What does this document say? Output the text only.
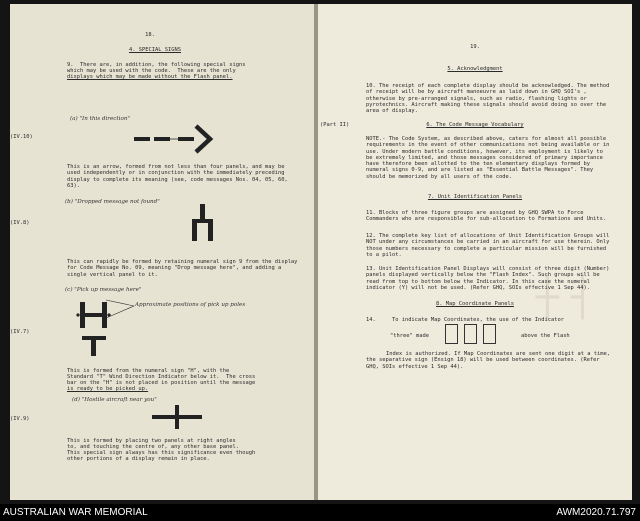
18.
4. SPECIAL SIGNS
9.  There are, in addition, the following special signs
which may be used with the code.  These are the only
displays which may be made without the Flash panel.
(a) "In this direction"
(IV.10)
This is an arrow, formed from not less than four panels, and may be used independently or in conjunction with the immediately preceding display to complete its meaning (see, code messages Nos. 04, 05, 60, 63).
(b) "Dropped message not found"
(IV.8)
This can rapidly be formed by retaining numeral sign 9 from the display for Code Message No. 09, meaning "Drop message here", and adding a single vertical panel to it.
(c) "Pick up message here"
Approximate positions of pick up poles
(IV.7)
This is formed from the numeral sign "H", with the
Standard "T" Wind Direction Indicator below it.  The cross
bar on the "H" is not placed in position until the message
is ready to be picked up.
(d) "Hostile aircraft near you"
(IV.9)
This is formed by placing two panels at right angles
to, and touching the centre of, any other base panel.
This special sign always has this significance even though
other portions of a display remain in place.
┼ ┤
19.
5. Acknowledgment
10. The receipt of each complete display should be acknowledged. The method of receipt will be by aircraft manoeuvre as laid down in GHQ SOI's , otherwise by pre-arranged signals, such as radio, flashing lights or pyrotechnics. Aircraft making these signals should avoid doing so over the area of display.
(Part II)	6. The Code Message Vocabulary
NOTE.- The Code System, as described above, caters for almost all possible requirements in the event of other communications not being available or in use. Under modern battle conditions, however, its employment is likely to be extremely limited, and those messages considered of primary importance have therefore been allotted to the ten elementary displays formed by numeral signs 0-9, and are listed as "Essential Battle Messages". They should be memorized by all users of the code.
7. Unit Identification Panels
11. Blocks of three figure groups are assigned by GHQ SWPA to Force Commanders who are responsible for sub-allocation to Formations and Units.
12. The complete key list of allocations of Unit Identification Groups will NOT under any circumstances be carried in an aircraft for use therein. Only those numbers necessary to complete a particular mission will be furnished to a pilot.
13. Unit Identification Panel Displays will consist of three digit (Number) panels displayed vertically below the "Flash Index". Such groups will be read from top to bottom below the Indicator. In this case the numeral indicator (Y) will not be used. (Refer GHQ, SOIs effective 1 Sep 44).
8. Map Coordinate Panels
14.     To indicate Map Coordinates, the use of the Indicator
"three" made	above the Flash
Index is authorized. If Map Coordinates are sent one digit at a time, the separative sign (Ensign 18) will be used between coordinates. (Refer GHQ, SOIs effective 1 Sep 44).
AUSTRALIAN WAR MEMORIAL	AWM2020.71.797
